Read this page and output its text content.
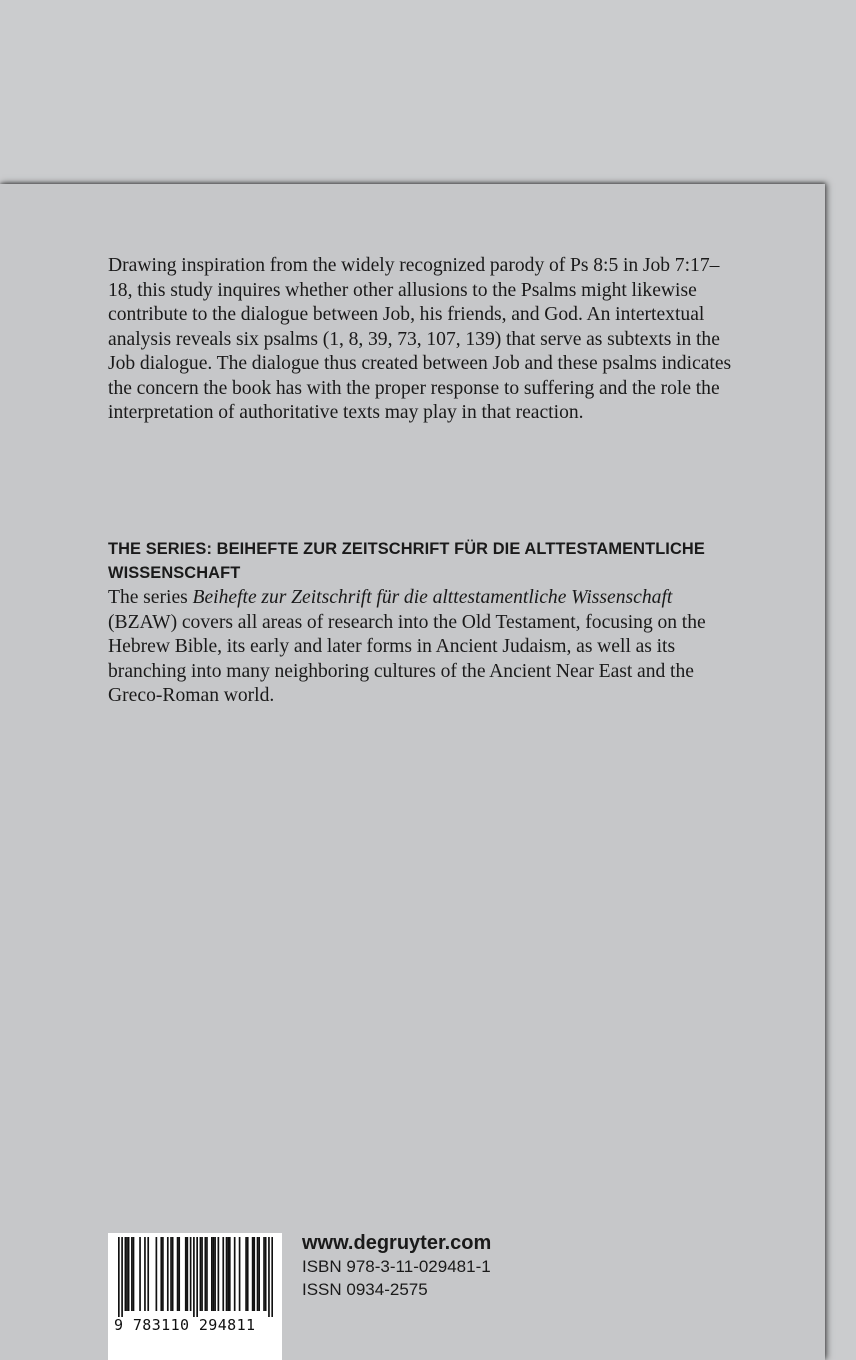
Drawing inspiration from the widely recognized parody of Ps 8:5 in Job 7:17–18, this study inquires whether other allusions to the Psalms might likewise contribute to the dialogue between Job, his friends, and God. An intertextual analysis reveals six psalms (1, 8, 39, 73, 107, 139) that serve as subtexts in the Job dialogue. The dialogue thus created between Job and these psalms indicates the concern the book has with the proper response to suffering and the role the interpretation of authoritative texts may play in that reaction.

THE SERIES: BEIHEFTE ZUR ZEITSCHRIFT FÜR DIE ALTTESTAMENTLICHE WISSENSCHAFT

The series Beihefte zur Zeitschrift für die alttestamentliche Wissenschaft (BZAW) covers all areas of research into the Old Testament, focusing on the Hebrew Bible, its early and later forms in Ancient Judaism, as well as its branching into many neighboring cultures of the Ancient Near East and the Greco-Roman world.

9 783110 294811

www.degruyter.com

ISBN 978-3-11-029481-1

ISSN 0934-2575
